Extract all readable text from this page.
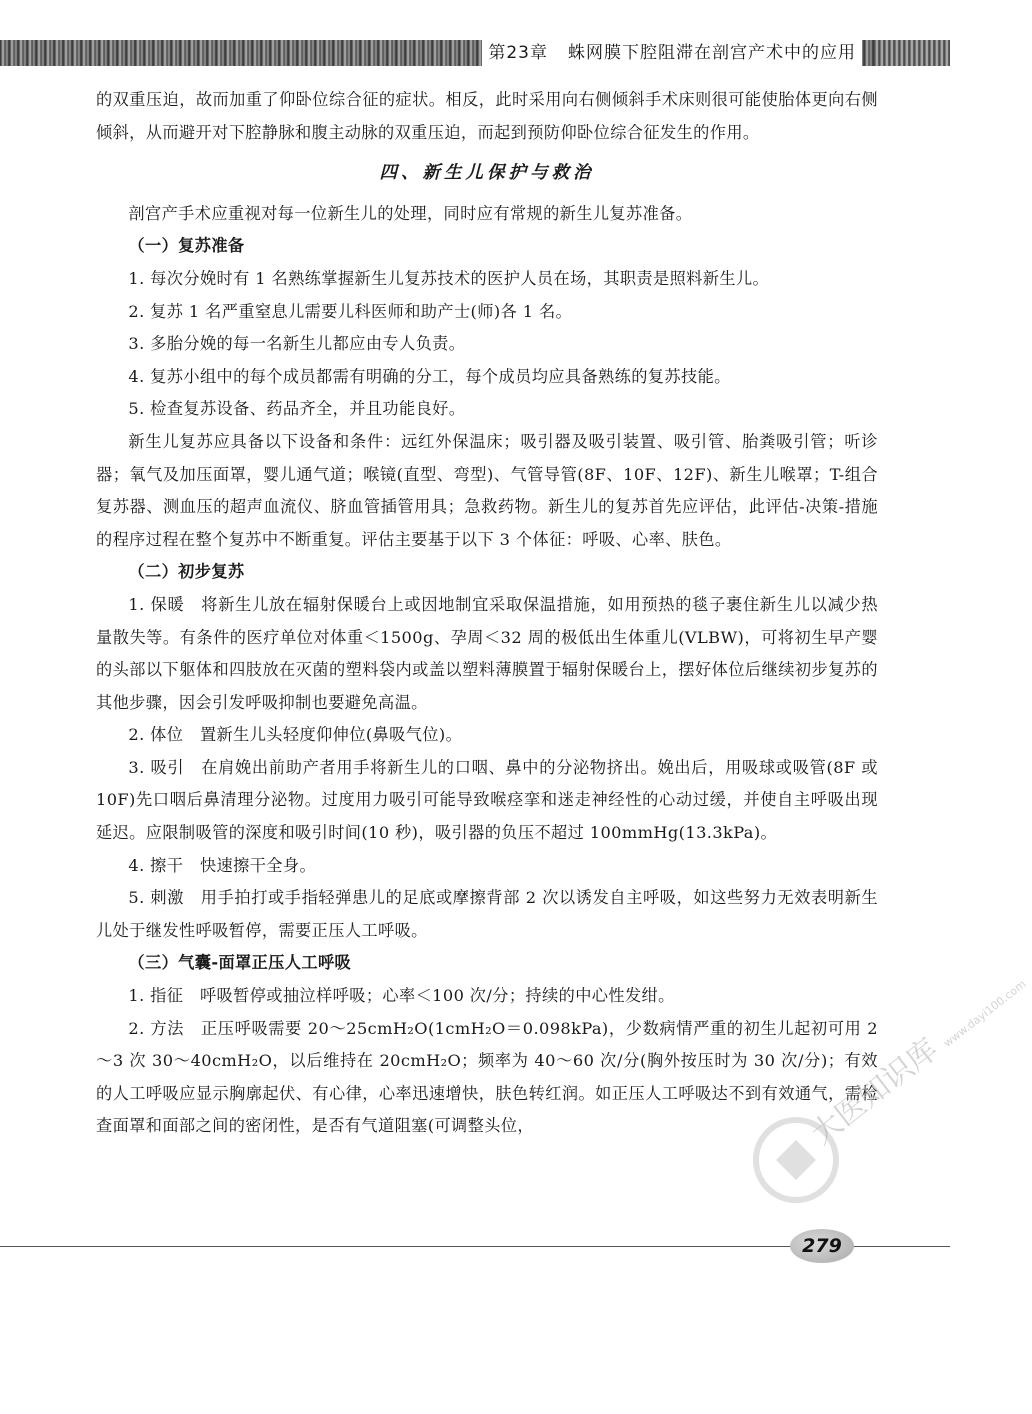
第23章 蛛网膜下腔阻滞在剖宫产术中的应用

的双重压迫，故而加重了仰卧位综合征的症状。相反，此时采用向右侧倾斜手术床则很可能使胎体更向右侧倾斜，从而避开对下腔静脉和腹主动脉的双重压迫，而起到预防仰卧位综合征发生的作用。

四、新生儿保护与救治

剖宫产手术应重视对每一位新生儿的处理，同时应有常规的新生儿复苏准备。

（一）复苏准备

1. 每次分娩时有 1 名熟练掌握新生儿复苏技术的医护人员在场，其职责是照料新生儿。

2. 复苏 1 名严重窒息儿需要儿科医师和助产士(师)各 1 名。

3. 多胎分娩的每一名新生儿都应由专人负责。

4. 复苏小组中的每个成员都需有明确的分工，每个成员均应具备熟练的复苏技能。

5. 检查复苏设备、药品齐全，并且功能良好。

新生儿复苏应具备以下设备和条件：远红外保温床；吸引器及吸引装置、吸引管、胎粪吸引管；听诊器；氧气及加压面罩，婴儿通气道；喉镜(直型、弯型)、气管导管(8F、10F、12F)、新生儿喉罩；T-组合复苏器、测血压的超声血流仪、脐血管插管用具；急救药物。新生儿的复苏首先应评估，此评估-决策-措施的程序过程在整个复苏中不断重复。评估主要基于以下 3 个体征：呼吸、心率、肤色。

（二）初步复苏

1. 保暖　将新生儿放在辐射保暖台上或因地制宜采取保温措施，如用预热的毯子裹住新生儿以减少热量散失等。有条件的医疗单位对体重＜1500g、孕周＜32 周的极低出生体重儿(VLBW)，可将初生早产婴的头部以下躯体和四肢放在灭菌的塑料袋内或盖以塑料薄膜置于辐射保暖台上，摆好体位后继续初步复苏的其他步骤，因会引发呼吸抑制也要避免高温。

2. 体位　置新生儿头轻度仰伸位(鼻吸气位)。

3. 吸引　在肩娩出前助产者用手将新生儿的口咽、鼻中的分泌物挤出。娩出后，用吸球或吸管(8F 或 10F)先口咽后鼻清理分泌物。过度用力吸引可能导致喉痉挛和迷走神经性的心动过缓，并使自主呼吸出现延迟。应限制吸管的深度和吸引时间(10 秒)，吸引器的负压不超过 100mmHg(13.3kPa)。

4. 擦干　快速擦干全身。

5. 刺激　用手拍打或手指轻弹患儿的足底或摩擦背部 2 次以诱发自主呼吸，如这些努力无效表明新生儿处于继发性呼吸暂停，需要正压人工呼吸。

（三）气囊-面罩正压人工呼吸

1. 指征　呼吸暂停或抽泣样呼吸；心率＜100 次/分；持续的中心性发绀。

2. 方法　正压呼吸需要 20～25cmH₂O(1cmH₂O＝0.098kPa)，少数病情严重的初生儿起初可用 2～3 次 30～40cmH₂O，以后维持在 20cmH₂O；频率为 40～60 次/分(胸外按压时为 30 次/分)；有效的人工呼吸应显示胸廓起伏、有心律，心率迅速增快，肤色转红润。如正压人工呼吸达不到有效通气，需检查面罩和面部之间的密闭性，是否有气道阻塞(可调整头位，	大医知识库 www.dayi100.com
279
